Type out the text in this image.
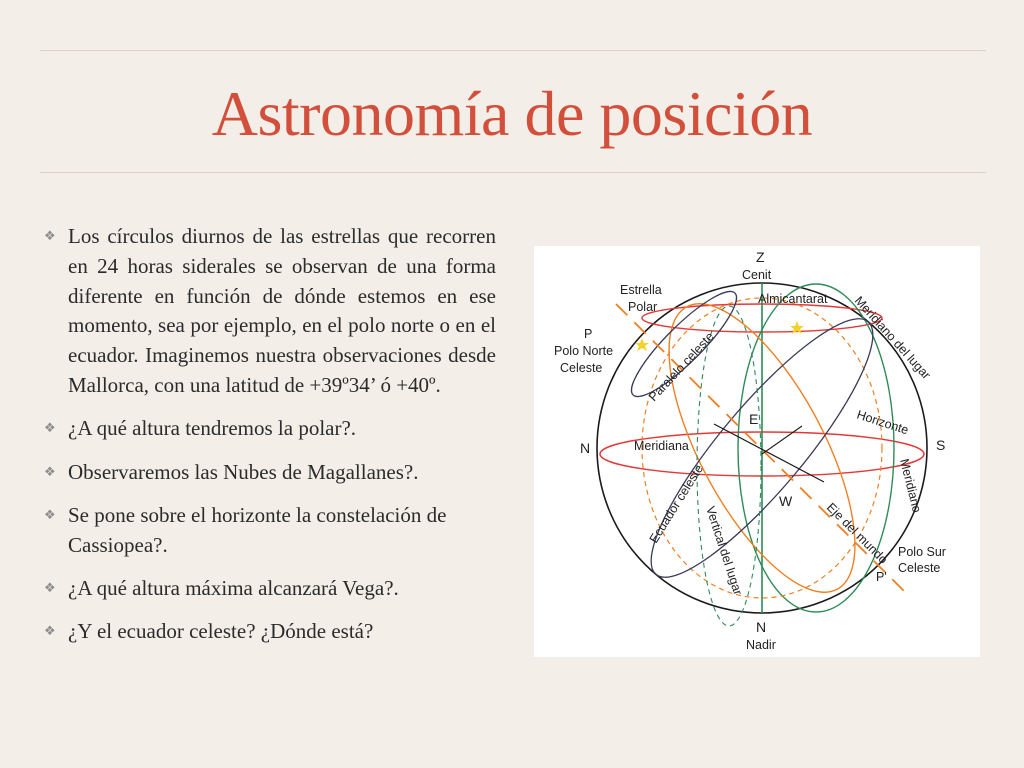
Astronomía de posición
❖ Los círculos diurnos de las estrellas que recorren en 24 horas siderales se observan de una forma diferente en función de dónde estemos en ese momento, sea por ejemplo, en el polo norte o en el ecuador. Imaginemos nuestra observaciones desde Mallorca, con una latitud de +39º34’ ó +40º.
❖ ¿A qué altura tendremos la polar?.
❖ Observaremos las Nubes de Magallanes?.
❖ Se pone sobre el horizonte la constelación de Cassiopea?.
❖ ¿A qué altura máxima alcanzará Vega?.
❖ ¿Y el ecuador celeste? ¿Dónde está?
Z
Cenit
N
Nadir
N	S
E
W
Estrella
Polar
P
Polo Norte
Celeste
Polo Sur
Celeste
P'
Almicantarat Meridiano del lugar
Paralelo celeste
Horizonte
Meridiana
Meridiano
Ecuador celeste
Vertical del lugar	Eje del mundo
